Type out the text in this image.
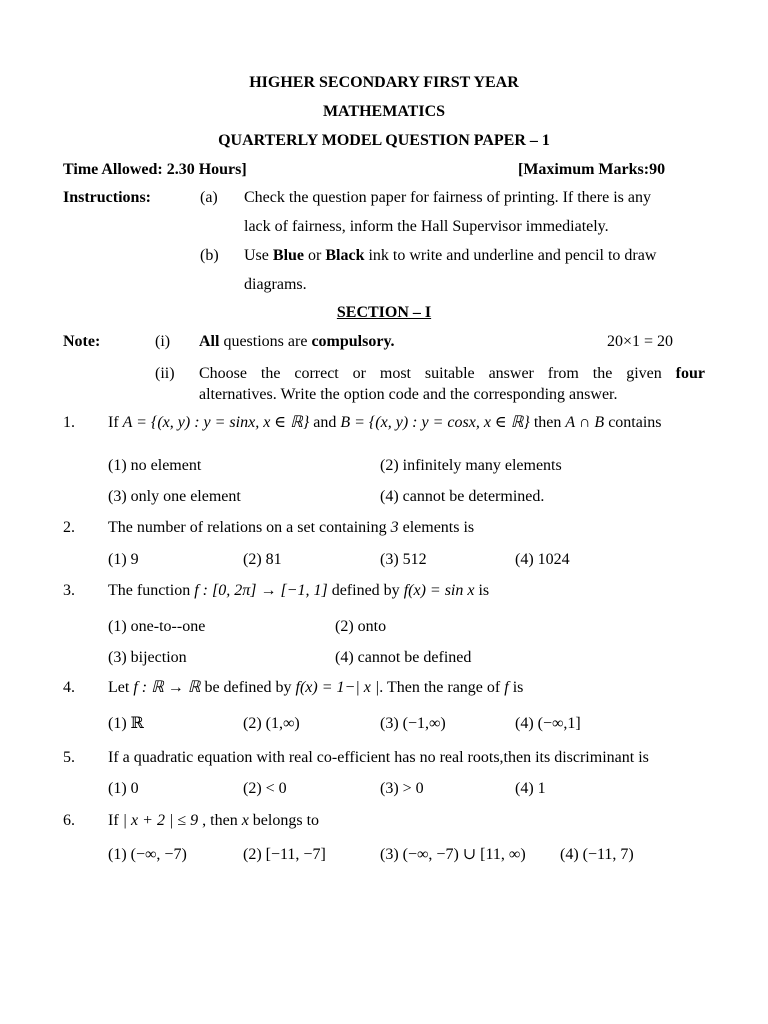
HIGHER SECONDARY FIRST YEAR
MATHEMATICS
QUARTERLY MODEL QUESTION PAPER – 1
Time Allowed: 2.30 Hours]	[Maximum Marks:90
Instructions:	(a) Check the question paper for fairness of printing. If there is any
lack of fairness, inform the Hall Supervisor immediately.
(b) Use Blue or Black ink to write and underline and pencil to draw
diagrams.
SECTION – I
Note:	(i) All questions are compulsory.	20×1 = 20
(ii) Choose the correct or most suitable answer from the given four
alternatives. Write the option code and the corresponding answer.
1. If A = {(x, y) : y = sinx, x ∈ ℝ} and B = {(x, y) : y = cosx, x ∈ ℝ} then A ∩ B contains
(1) no element	(2) infinitely many elements
(3) only one element	(4) cannot be determined.
2. The number of relations on a set containing 3 elements is
(1) 9	(2) 81	(3) 512	(4) 1024
3. The function f : [0, 2π] → [−1, 1] defined by f(x) = sin x is
(1) one-to--one	(2) onto
(3) bijection	(4) cannot be defined
4. Let f : ℝ → ℝ be defined by f(x) = 1−| x |. Then the range of f is
(1) ℝ	(2) (1,∞)	(3) (−1,∞)	(4) (−∞,1]
5. If a quadratic equation with real co-efficient has no real roots,then its discriminant is
(1) 0	(2) < 0	(3) > 0	(4) 1
6. If | x + 2 | ≤ 9 , then x belongs to
(1) (−∞, −7)	(2) [−11, −7]	(3) (−∞, −7) ∪ [11, ∞) (4) (−11, 7)
